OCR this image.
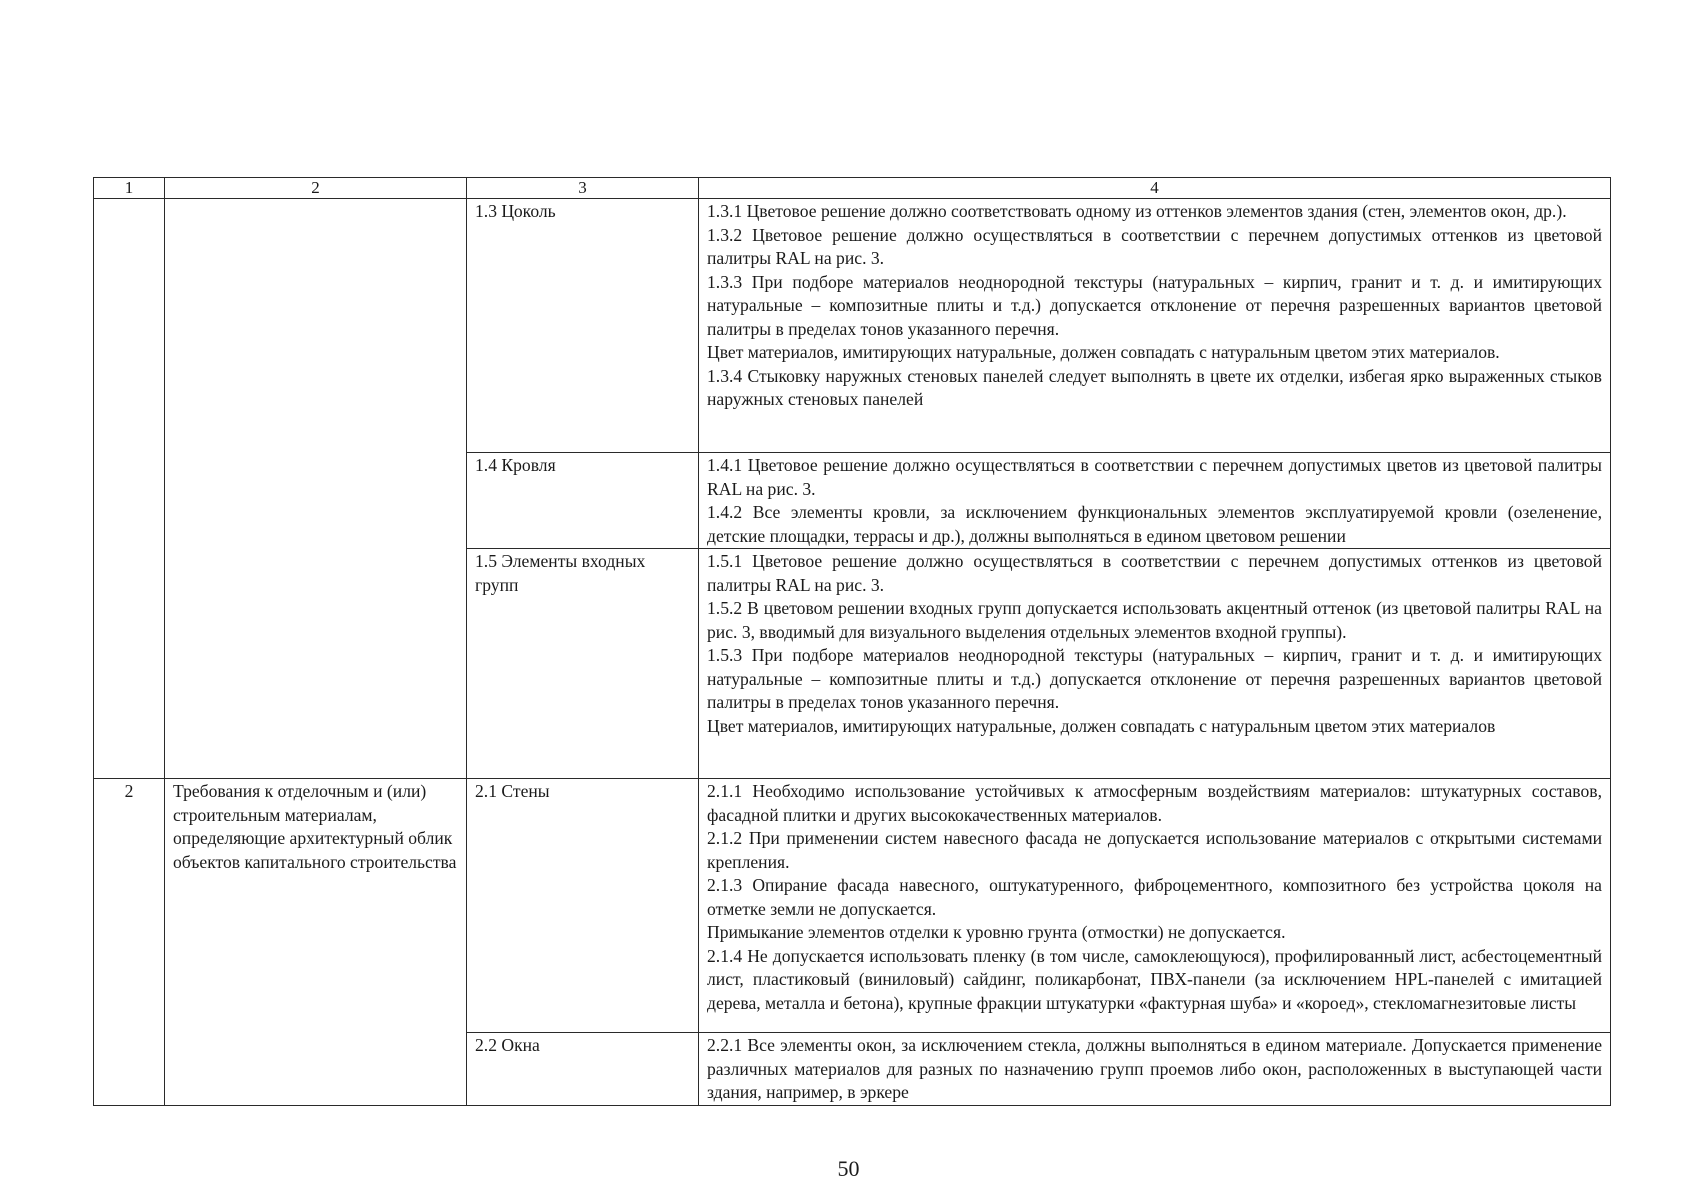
1	2	3	4
		1.3 Цоколь	1.3.1 Цветовое решение должно соответствовать одному из оттенков элементов здания (стен, элементов окон, др.).
1.3.2 Цветовое решение должно осуществляться в соответствии с перечнем допустимых оттенков из цветовой палитры RAL на рис. 3.
1.3.3 При подборе материалов неоднородной текстуры (натуральных – кирпич, гранит и т. д. и имитирующих натуральные – композитные плиты и т.д.) допускается отклонение от перечня разрешенных вариантов цветовой палитры в пределах тонов указанного перечня.
Цвет материалов, имитирующих натуральные, должен совпадать с натуральным цветом этих материалов.
1.3.4 Стыковку наружных стеновых панелей следует выполнять в цвете их отделки, избегая ярко выраженных стыков наружных стеновых панелей

		1.4 Кровля	1.4.1 Цветовое решение должно осуществляться в соответствии с перечнем допустимых цветов из цветовой палитры RAL на рис. 3.
1.4.2 Все элементы кровли, за исключением функциональных элементов эксплуатируемой кровли (озеленение, детские площадки, террасы и др.), должны выполняться в едином цветовом решении

		1.5 Элементы входных групп	1.5.1 Цветовое решение должно осуществляться в соответствии с перечнем допустимых оттенков из цветовой палитры RAL на рис. 3.
1.5.2 В цветовом решении входных групп допускается использовать акцентный оттенок (из цветовой палитры RAL на рис. 3, вводимый для визуального выделения отдельных элементов входной группы).
1.5.3 При подборе материалов неоднородной текстуры (натуральных – кирпич, гранит и т. д. и имитирующих натуральные – композитные плиты и т.д.) допускается отклонение от перечня разрешенных вариантов цветовой палитры в пределах тонов указанного перечня.
Цвет материалов, имитирующих натуральные, должен совпадать с натуральным цветом этих материалов

2	Требования к отделочным и (или) строительным материалам, определяющие архитектурный облик объектов капитального строительства	2.1 Стены	2.1.1 Необходимо использование устойчивых к атмосферным воздействиям материалов: штукатурных составов, фасадной плитки и других высококачественных материалов.
2.1.2 При применении систем навесного фасада не допускается использование материалов с открытыми системами крепления.
2.1.3 Опирание фасада навесного, оштукатуренного, фиброцементного, композитного без устройства цоколя на отметке земли не допускается.
Примыкание элементов отделки к уровню грунта (отмостки) не допускается.
2.1.4 Не допускается использовать пленку (в том числе, самоклеющуюся), профилированный лист, асбестоцементный лист, пластиковый (виниловый) сайдинг, поликарбонат, ПВХ-панели (за исключением HPL-панелей с имитацией дерева, металла и бетона), крупные фракции штукатурки «фактурная шуба» и «короед», стекломагнезитовые листы

		2.2 Окна	2.2.1 Все элементы окон, за исключением стекла, должны выполняться в едином материале. Допускается применение различных материалов для разных по назначению групп проемов либо окон, расположенных в выступающей части здания, например, в эркере
50
